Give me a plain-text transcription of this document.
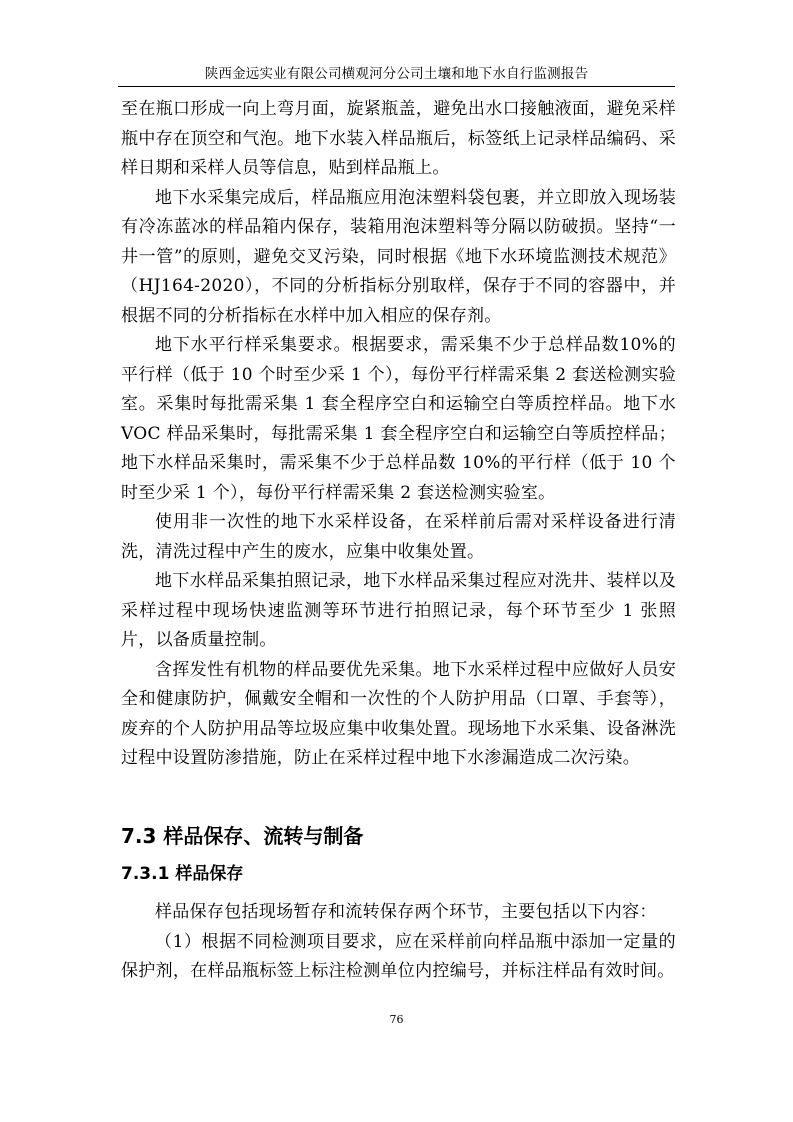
陕西金远实业有限公司横观河分公司土壤和地下水自行监测报告

至在瓶口形成一向上弯月面，旋紧瓶盖，避免出水口接触液面，避免采样瓶中存在顶空和气泡。地下水装入样品瓶后，标签纸上记录样品编码、采样日期和采样人员等信息，贴到样品瓶上。

地下水采集完成后，样品瓶应用泡沫塑料袋包裹，并立即放入现场装有冷冻蓝冰的样品箱内保存，装箱用泡沫塑料等分隔以防破损。坚持“一井一管”的原则，避免交叉污染，同时根据《地下水环境监测技术规范》（HJ164-2020），不同的分析指标分别取样，保存于不同的容器中，并根据不同的分析指标在水样中加入相应的保存剂。

地下水平行样采集要求。根据要求，需采集不少于总样品数10%的平行样（低于 10 个时至少采 1 个），每份平行样需采集 2 套送检测实验室。采集时每批需采集 1 套全程序空白和运输空白等质控样品。地下水 VOC 样品采集时，每批需采集 1 套全程序空白和运输空白等质控样品；地下水样品采集时，需采集不少于总样品数 10%的平行样（低于 10 个时至少采 1 个），每份平行样需采集 2 套送检测实验室。

使用非一次性的地下水采样设备，在采样前后需对采样设备进行清洗，清洗过程中产生的废水，应集中收集处置。

地下水样品采集拍照记录，地下水样品采集过程应对洗井、装样以及采样过程中现场快速监测等环节进行拍照记录，每个环节至少 1 张照片，以备质量控制。

含挥发性有机物的样品要优先采集。地下水采样过程中应做好人员安全和健康防护，佩戴安全帽和一次性的个人防护用品（口罩、手套等），废弃的个人防护用品等垃圾应集中收集处置。现场地下水采集、设备淋洗过程中设置防渗措施，防止在采样过程中地下水渗漏造成二次污染。

7.3 样品保存、流转与制备
7.3.1 样品保存

样品保存包括现场暂存和流转保存两个环节，主要包括以下内容：

（1）根据不同检测项目要求，应在采样前向样品瓶中添加一定量的保护剂，在样品瓶标签上标注检测单位内控编号，并标注样品有效时间。

76
